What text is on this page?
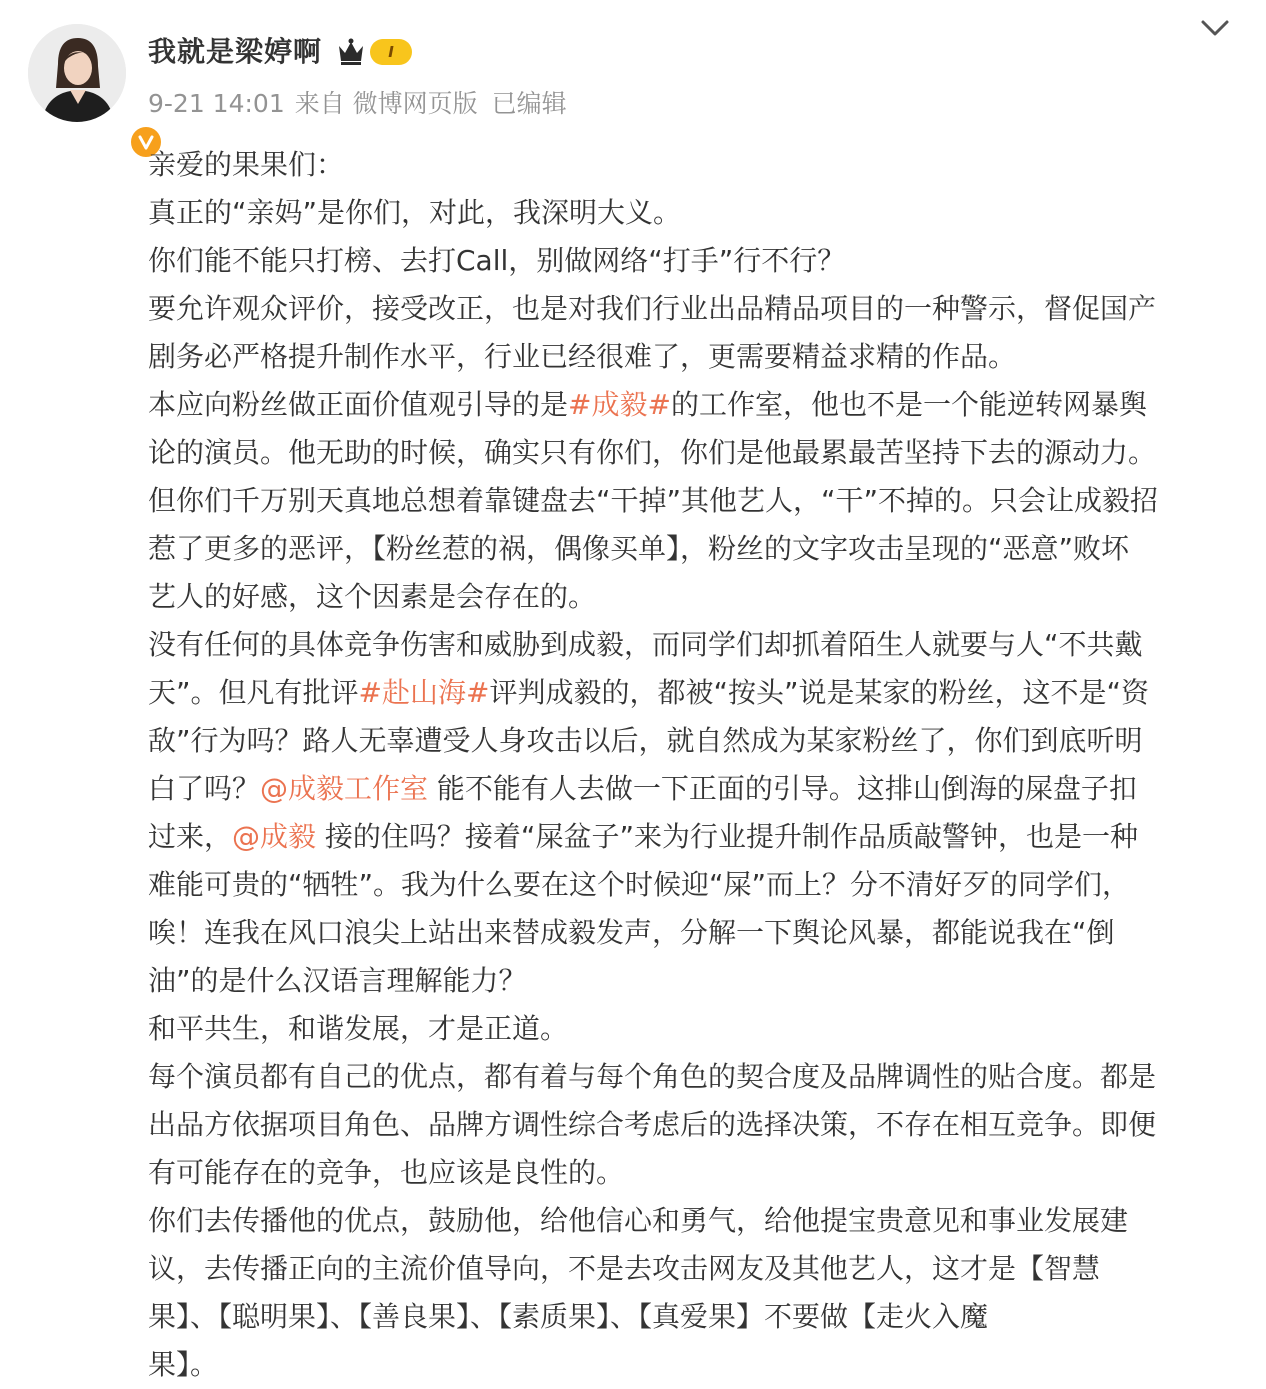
我就是梁婷啊	I
9-21 14:01 来自 微博网页版 已编辑
亲爱的果果们：
真正的“亲妈”是你们，对此，我深明大义。
你们能不能只打榜、去打Call，别做网络“打手”行不行？
要允许观众评价，接受改正，也是对我们行业出品精品项目的一种警示，督促国产
剧务必严格提升制作水平，行业已经很难了，更需要精益求精的作品。
本应向粉丝做正面价值观引导的是#成毅#的工作室，他也不是一个能逆转网暴舆
论的演员。他无助的时候，确实只有你们，你们是他最累最苦坚持下去的源动力。
但你们千万别天真地总想着靠键盘去“干掉”其他艺人，“干”不掉的。只会让成毅招
惹了更多的恶评，【粉丝惹的祸，偶像买单】，粉丝的文字攻击呈现的“恶意”败坏
艺人的好感，这个因素是会存在的。
没有任何的具体竞争伤害和威胁到成毅，而同学们却抓着陌生人就要与人“不共戴
天”。但凡有批评#赴山海#评判成毅的，都被“按头”说是某家的粉丝，这不是“资
敌”行为吗？路人无辜遭受人身攻击以后，就自然成为某家粉丝了，你们到底听明
白了吗？@成毅工作室 能不能有人去做一下正面的引导。这排山倒海的屎盘子扣
过来，@成毅 接的住吗？接着“屎盆子”来为行业提升制作品质敲警钟，也是一种
难能可贵的“牺牲”。我为什么要在这个时候迎“屎”而上？分不清好歹的同学们，
唉！连我在风口浪尖上站出来替成毅发声，分解一下舆论风暴，都能说我在“倒
油”的是什么汉语言理解能力？
和平共生，和谐发展，才是正道。
每个演员都有自己的优点，都有着与每个角色的契合度及品牌调性的贴合度。都是
出品方依据项目角色、品牌方调性综合考虑后的选择决策，不存在相互竞争。即便
有可能存在的竞争，也应该是良性的。
你们去传播他的优点，鼓励他，给他信心和勇气，给他提宝贵意见和事业发展建
议，去传播正向的主流价值导向，不是去攻击网友及其他艺人，这才是【智慧
果】、【聪明果】、【善良果】、【素质果】、【真爱果】不要做【走火入魔
果】。
